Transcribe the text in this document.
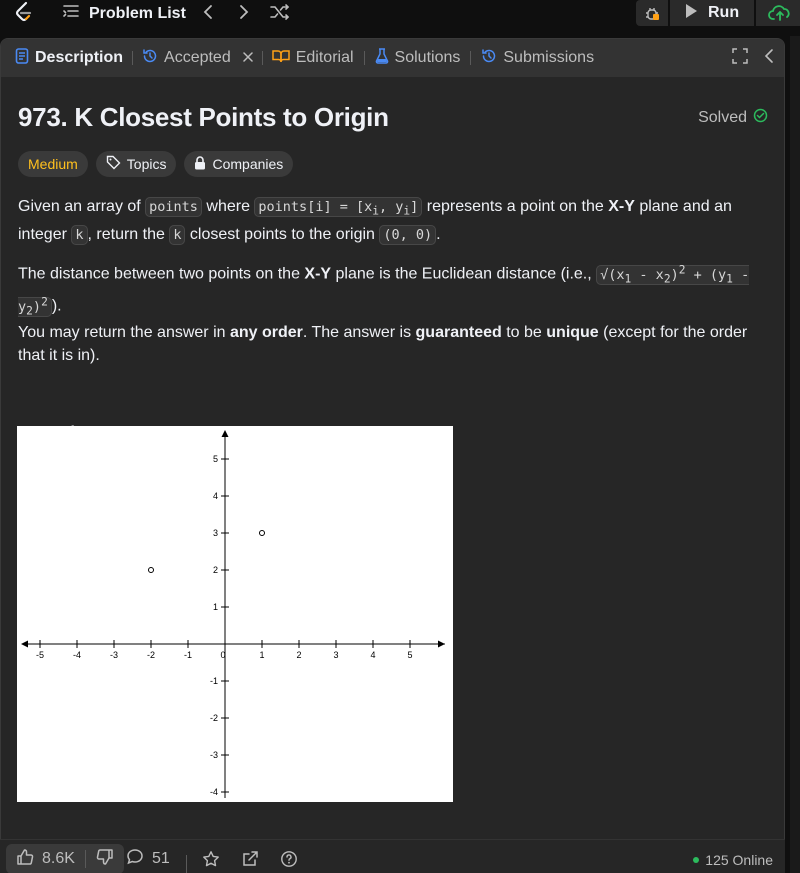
Problem List	Run
Description	Accepted	Editorial	Solutions	Submissions
973. K Closest Points to Origin	Solved
Medium	Topics	Companies
Given an array of points where points[i] = [$x_i$, $y_i$] represents a point on the X-Y plane and an integer k , return the k closest points to the origin (0, 0) .
The distance between two points on the X-Y plane is the Euclidean distance (i.e., $√(x_1 - x_2)^2 + (y_1 - y_2)^2$ ).
You may return the answer in any order. The answer is guaranteed to be unique (except for the order that it is in).
-5	-4	-3	-2	-1	0	1	2	3	4	5
5
4
3
2
1
-1
-2
-3
-4
8.6K	51	125 Online
